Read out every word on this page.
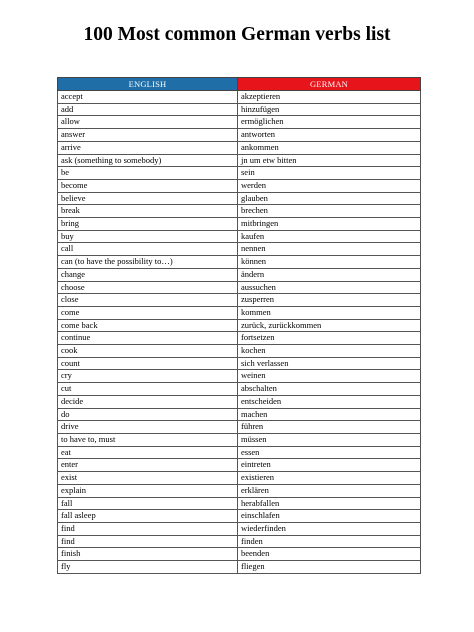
100 Most common German verbs list
ENGLISH	GERMAN
accept	akzeptieren
add	hinzufügen
allow	ermöglichen
answer	antworten
arrive	ankommen
ask (something to somebody)	jn um etw bitten
be	sein
become	werden
believe	glauben
break	brechen
bring	mitbringen
buy	kaufen
call	nennen
can (to have the possibility to…)	können
change	ändern
choose	aussuchen
close	zusperren
come	kommen
come back	zurück, zurückkommen
continue	fortsetzen
cook	kochen
count	sich verlassen
cry	weinen
cut	abschalten
decide	entscheiden
do	machen
drive	führen
to have to, must	müssen
eat	essen
enter	eintreten
exist	existieren
explain	erklären
fall	herabfallen
fall asleep	einschlafen
find	wiederfinden
find	finden
finish	beenden
fly	fliegen
